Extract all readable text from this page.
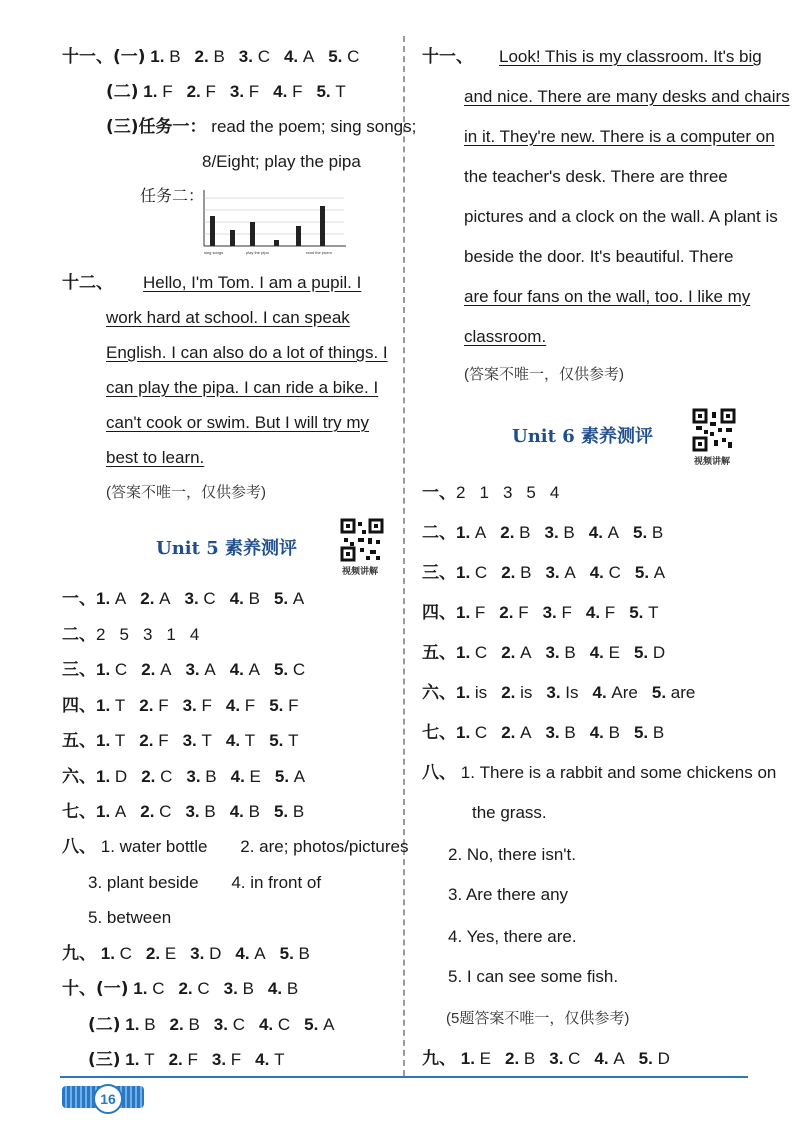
十一、(一) 1. B 2. B 3. C 4. A 5. C
(二) 1. F 2. F 3. F 4. F 5. T
(三)任务一： read the poem; sing songs;
8/Eight; play the pipa
任务二：
sing songs	play the pipa	read the poem
十二、 Hello, I'm Tom. I am a pupil. I
work hard at school. I can speak
English. I can also do a lot of things. I
can play the pipa. I can ride a bike. I
can't cook or swim. But I will try my
best to learn.
(答案不唯一，仅供参考)
Unit 5 素养测评
视频讲解
一、1. A 2. A 3. C 4. B 5. A
二、2 5 3 1 4
三、1. C 2. A 3. A 4. A 5. C
四、1. T 2. F 3. F 4. F 5. F
五、1. T 2. F 3. T 4. T 5. T
六、1. D 2. C 3. B 4. E 5. A
七、1. A 2. C 3. B 4. B 5. B
八、 1. water bottle 2. are; photos/pictures
3. plant beside 4. in front of
5. between
九、 1. C 2. E 3. D 4. A 5. B
十、(一) 1. C 2. C 3. B 4. B
(二) 1. B 2. B 3. C 4. C 5. A
(三) 1. T 2. F 3. F 4. T
十一、 Look! This is my classroom. It's big
and nice. There are many desks and chairs
in it. They're new. There is a computer on
the teacher's desk. There are three
pictures and a clock on the wall. A plant is
beside the door. It's beautiful. There
are four fans on the wall, too. I like my
classroom.
(答案不唯一，仅供参考)
Unit 6 素养测评
视频讲解
一、2 1 3 5 4
二、1. A 2. B 3. B 4. A 5. B
三、1. C 2. B 3. A 4. C 5. A
四、1. F 2. F 3. F 4. F 5. T
五、1. C 2. A 3. B 4. E 5. D
六、1. is 2. is 3. Is 4. Are 5. are
七、1. C 2. A 3. B 4. B 5. B
八、 1. There is a rabbit and some chickens on
the grass.
2. No, there isn't.
3. Are there any
4. Yes, there are.
5. I can see some fish.
(5题答案不唯一，仅供参考)
九、 1. E 2. B 3. C 4. A 5. D
16
